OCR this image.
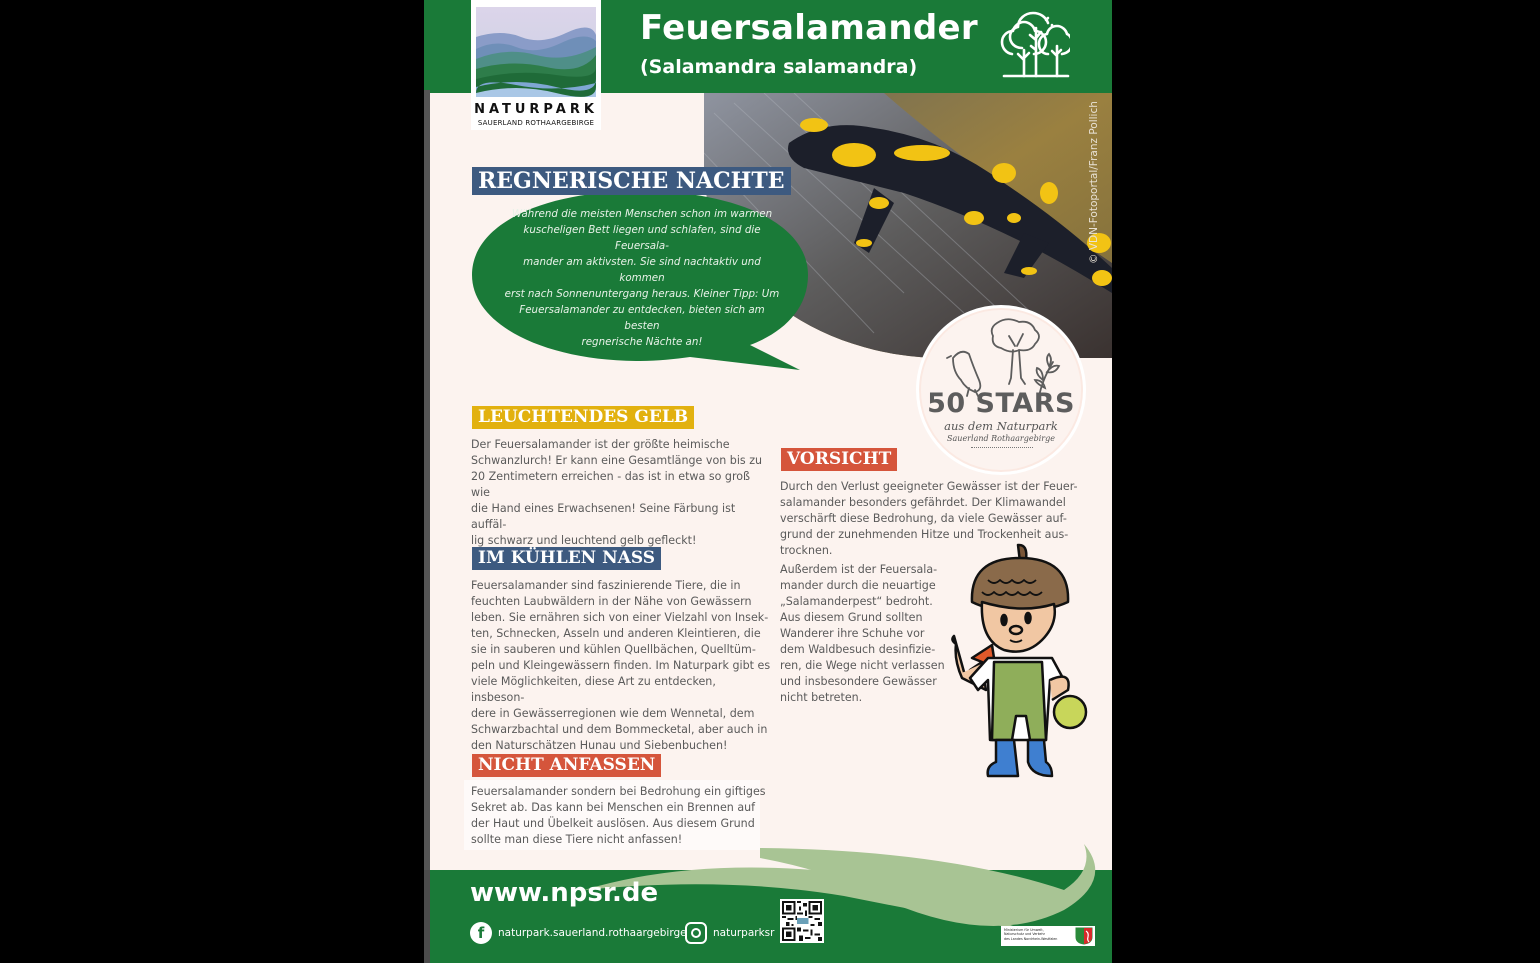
Feuersalamander
(Salamandra salamandra)
NATURPARK
SAUERLAND ROTHAARGEBIRGE	© VDN-Fotoportal/Franz Pollich
REGNERISCHE NACHTE
Während die meisten Menschen schon im warmen
kuscheligen Bett liegen und schlafen, sind die Feuersala-
mander am aktivsten. Sie sind nachtaktiv und kommen
erst nach Sonnenuntergang heraus. Kleiner Tipp: Um
Feuersalamander zu entdecken, bieten sich am besten
regnerische Nächte an!
50 STARS
aus dem Naturpark
Sauerland Rothaargebirge
LEUCHTENDES GELB
Der Feuersalamander ist der größte heimische
Schwanzlurch! Er kann eine Gesamtlänge von bis zu
20 Zentimetern erreichen - das ist in etwa so groß wie
die Hand eines Erwachsenen! Seine Färbung ist auffäl-
lig schwarz und leuchtend gelb gefleckt!
IM KÜHLEN NASS
Feuersalamander sind faszinierende Tiere, die in
feuchten Laubwäldern in der Nähe von Gewässern
leben. Sie ernähren sich von einer Vielzahl von Insek-
ten, Schnecken, Asseln und anderen Kleintieren, die
sie in sauberen und kühlen Quellbächen, Quelltüm-
peln und Kleingewässern finden. Im Naturpark gibt es
viele Möglichkeiten, diese Art zu entdecken, insbeson-
dere in Gewässerregionen wie dem Wennetal, dem
Schwarzbachtal und dem Bommecketal, aber auch in
den Naturschätzen Hunau und Siebenbuchen!
NICHT ANFASSEN
Feuersalamander sondern bei Bedrohung ein giftiges
Sekret ab. Das kann bei Menschen ein Brennen auf
der Haut und Übelkeit auslösen. Aus diesem Grund
sollte man diese Tiere nicht anfassen!
VORSICHT
Durch den Verlust geeigneter Gewässer ist der Feuer-
salamander besonders gefährdet. Der Klimawandel
verschärft diese Bedrohung, da viele Gewässer auf-
grund der zunehmenden Hitze und Trockenheit aus-
trocknen.
Außerdem ist der Feuersala-
mander durch die neuartige
„Salamanderpest“ bedroht.
Aus diesem Grund sollten
Wanderer ihre Schuhe vor
dem Waldbesuch desinfizie-
ren, die Wege nicht verlassen
und insbesondere Gewässer
nicht betreten.
www.npsr.de
f	naturpark.sauerland.rothaargebirge	naturparksr	Ministerium für Umwelt,
Naturschutz und Verkehr
des Landes Nordrhein-Westfalen
